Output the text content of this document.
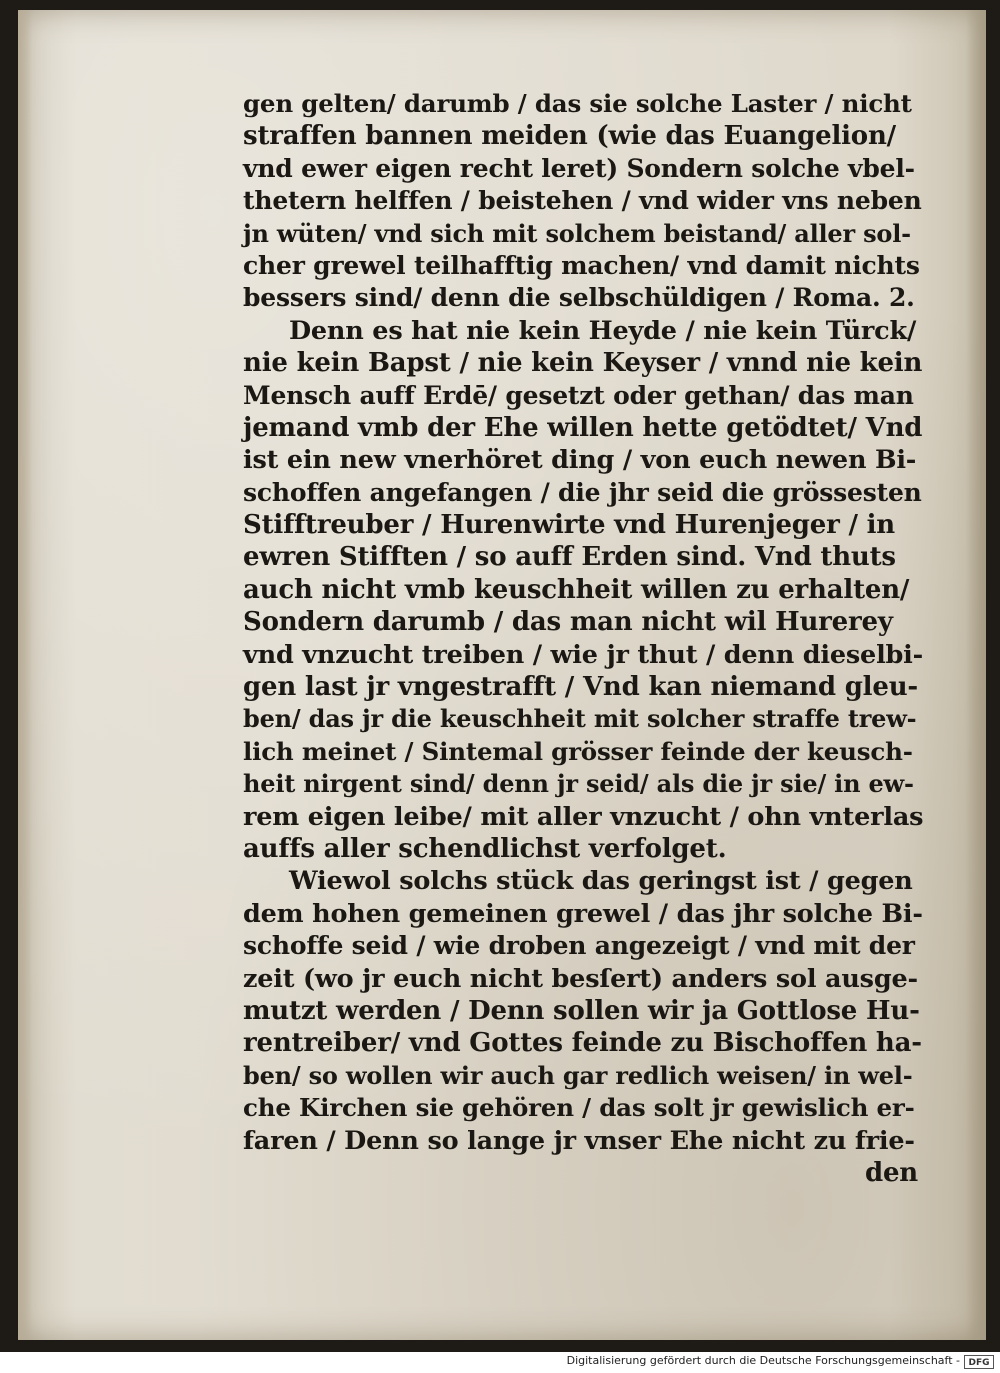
gen gelten/ darumb / das sie solche Laster / nicht
straffen bannen meiden (wie das Euangelion/
vnd ewer eigen recht leret) Sondern solche vbel-
thetern helffen / beistehen / vnd wider vns neben
jn wüten/ vnd sich mit solchem beistand/ aller sol-
cher grewel teilhafftig machen/ vnd damit nichts
bessers sind/ denn die selbschüldigen / Roma. 2.
Denn es hat nie kein Heyde / nie kein Türck/
nie kein Bapst / nie kein Keyser / vnnd nie kein
Mensch auff Erdē/ gesetzt oder gethan/ das man
jemand vmb der Ehe willen hette getödtet/ Vnd
ist ein new vnerhöret ding / von euch newen Bi-
schoffen angefangen / die jhr seid die grössesten
Stifftreuber / Hurenwirte vnd Hurenjeger / in
ewren Stifften / so auff Erden sind. Vnd thuts
auch nicht vmb keuschheit willen zu erhalten/
Sondern darumb / das man nicht wil Hurerey
vnd vnzucht treiben / wie jr thut / denn dieselbi-
gen last jr vngestrafft / Vnd kan niemand gleu-
ben/ das jr die keuschheit mit solcher straffe trew-
lich meinet / Sintemal grösser feinde der keusch-
heit nirgent sind/ denn jr seid/ als die jr sie/ in ew-
rem eigen leibe/ mit aller vnzucht / ohn vnterlas
auffs aller schendlichst verfolget.
Wiewol solchs stück das geringst ist / gegen
dem hohen gemeinen grewel / das jhr solche Bi-
schoffe seid / wie droben angezeigt / vnd mit der
zeit (wo jr euch nicht besſert) anders sol ausge-
mutzt werden / Denn sollen wir ja Gottlose Hu-
rentreiber/ vnd Gottes feinde zu Bischoffen ha-
ben/ so wollen wir auch gar redlich weisen/ in wel-
che Kirchen sie gehören / das solt jr gewislich er-
faren / Denn so lange jr vnser Ehe nicht zu frie-
den
Digitalisierung gefördert durch die Deutsche Forschungsgemeinschaft - DFG
